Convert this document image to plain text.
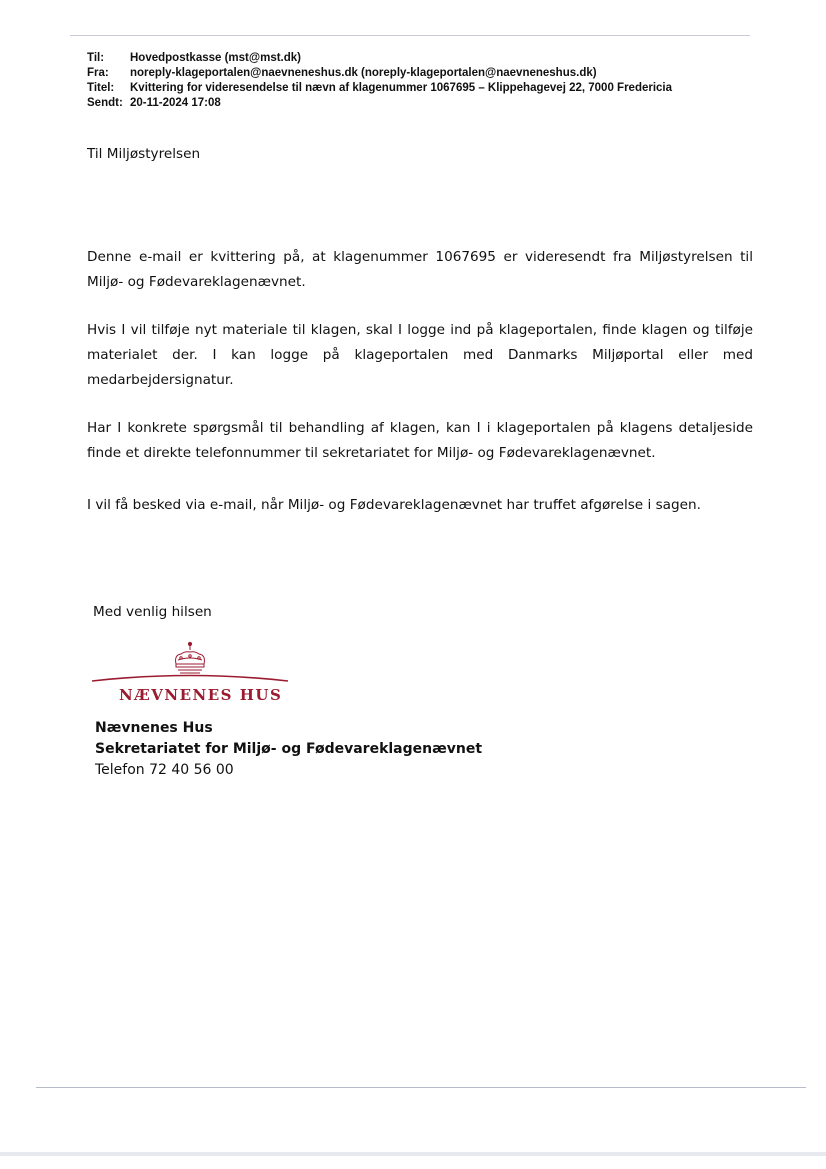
Til: Hovedpostkasse (mst@mst.dk)
Fra: noreply-klageportalen@naevneneshus.dk (noreply-klageportalen@naevneneshus.dk)
Titel: Kvittering for videresendelse til nævn af klagenummer 1067695 – Klippehagevej 22, 7000 Fredericia
Sendt: 20-11-2024 17:08
Til Miljøstyrelsen
Denne e-mail er kvittering på, at klagenummer 1067695 er videresendt fra Miljøstyrelsen til Miljø- og Fødevareklagenævnet.
Hvis I vil tilføje nyt materiale til klagen, skal I logge ind på klageportalen, finde klagen og tilføje materialet der. I kan logge på klageportalen med Danmarks Miljøportal eller med medarbejdersignatur.
Har I konkrete spørgsmål til behandling af klagen, kan I i klageportalen på klagens detaljeside finde et direkte telefonnummer til sekretariatet for Miljø- og Fødevareklagenævnet.
I vil få besked via e-mail, når Miljø- og Fødevareklagenævnet har truffet afgørelse i sagen.
Med venlig hilsen
NÆVNENES HUS
Nævnenes Hus
Sekretariatet for Miljø- og Fødevareklagenævnet
Telefon 72 40 56 00
